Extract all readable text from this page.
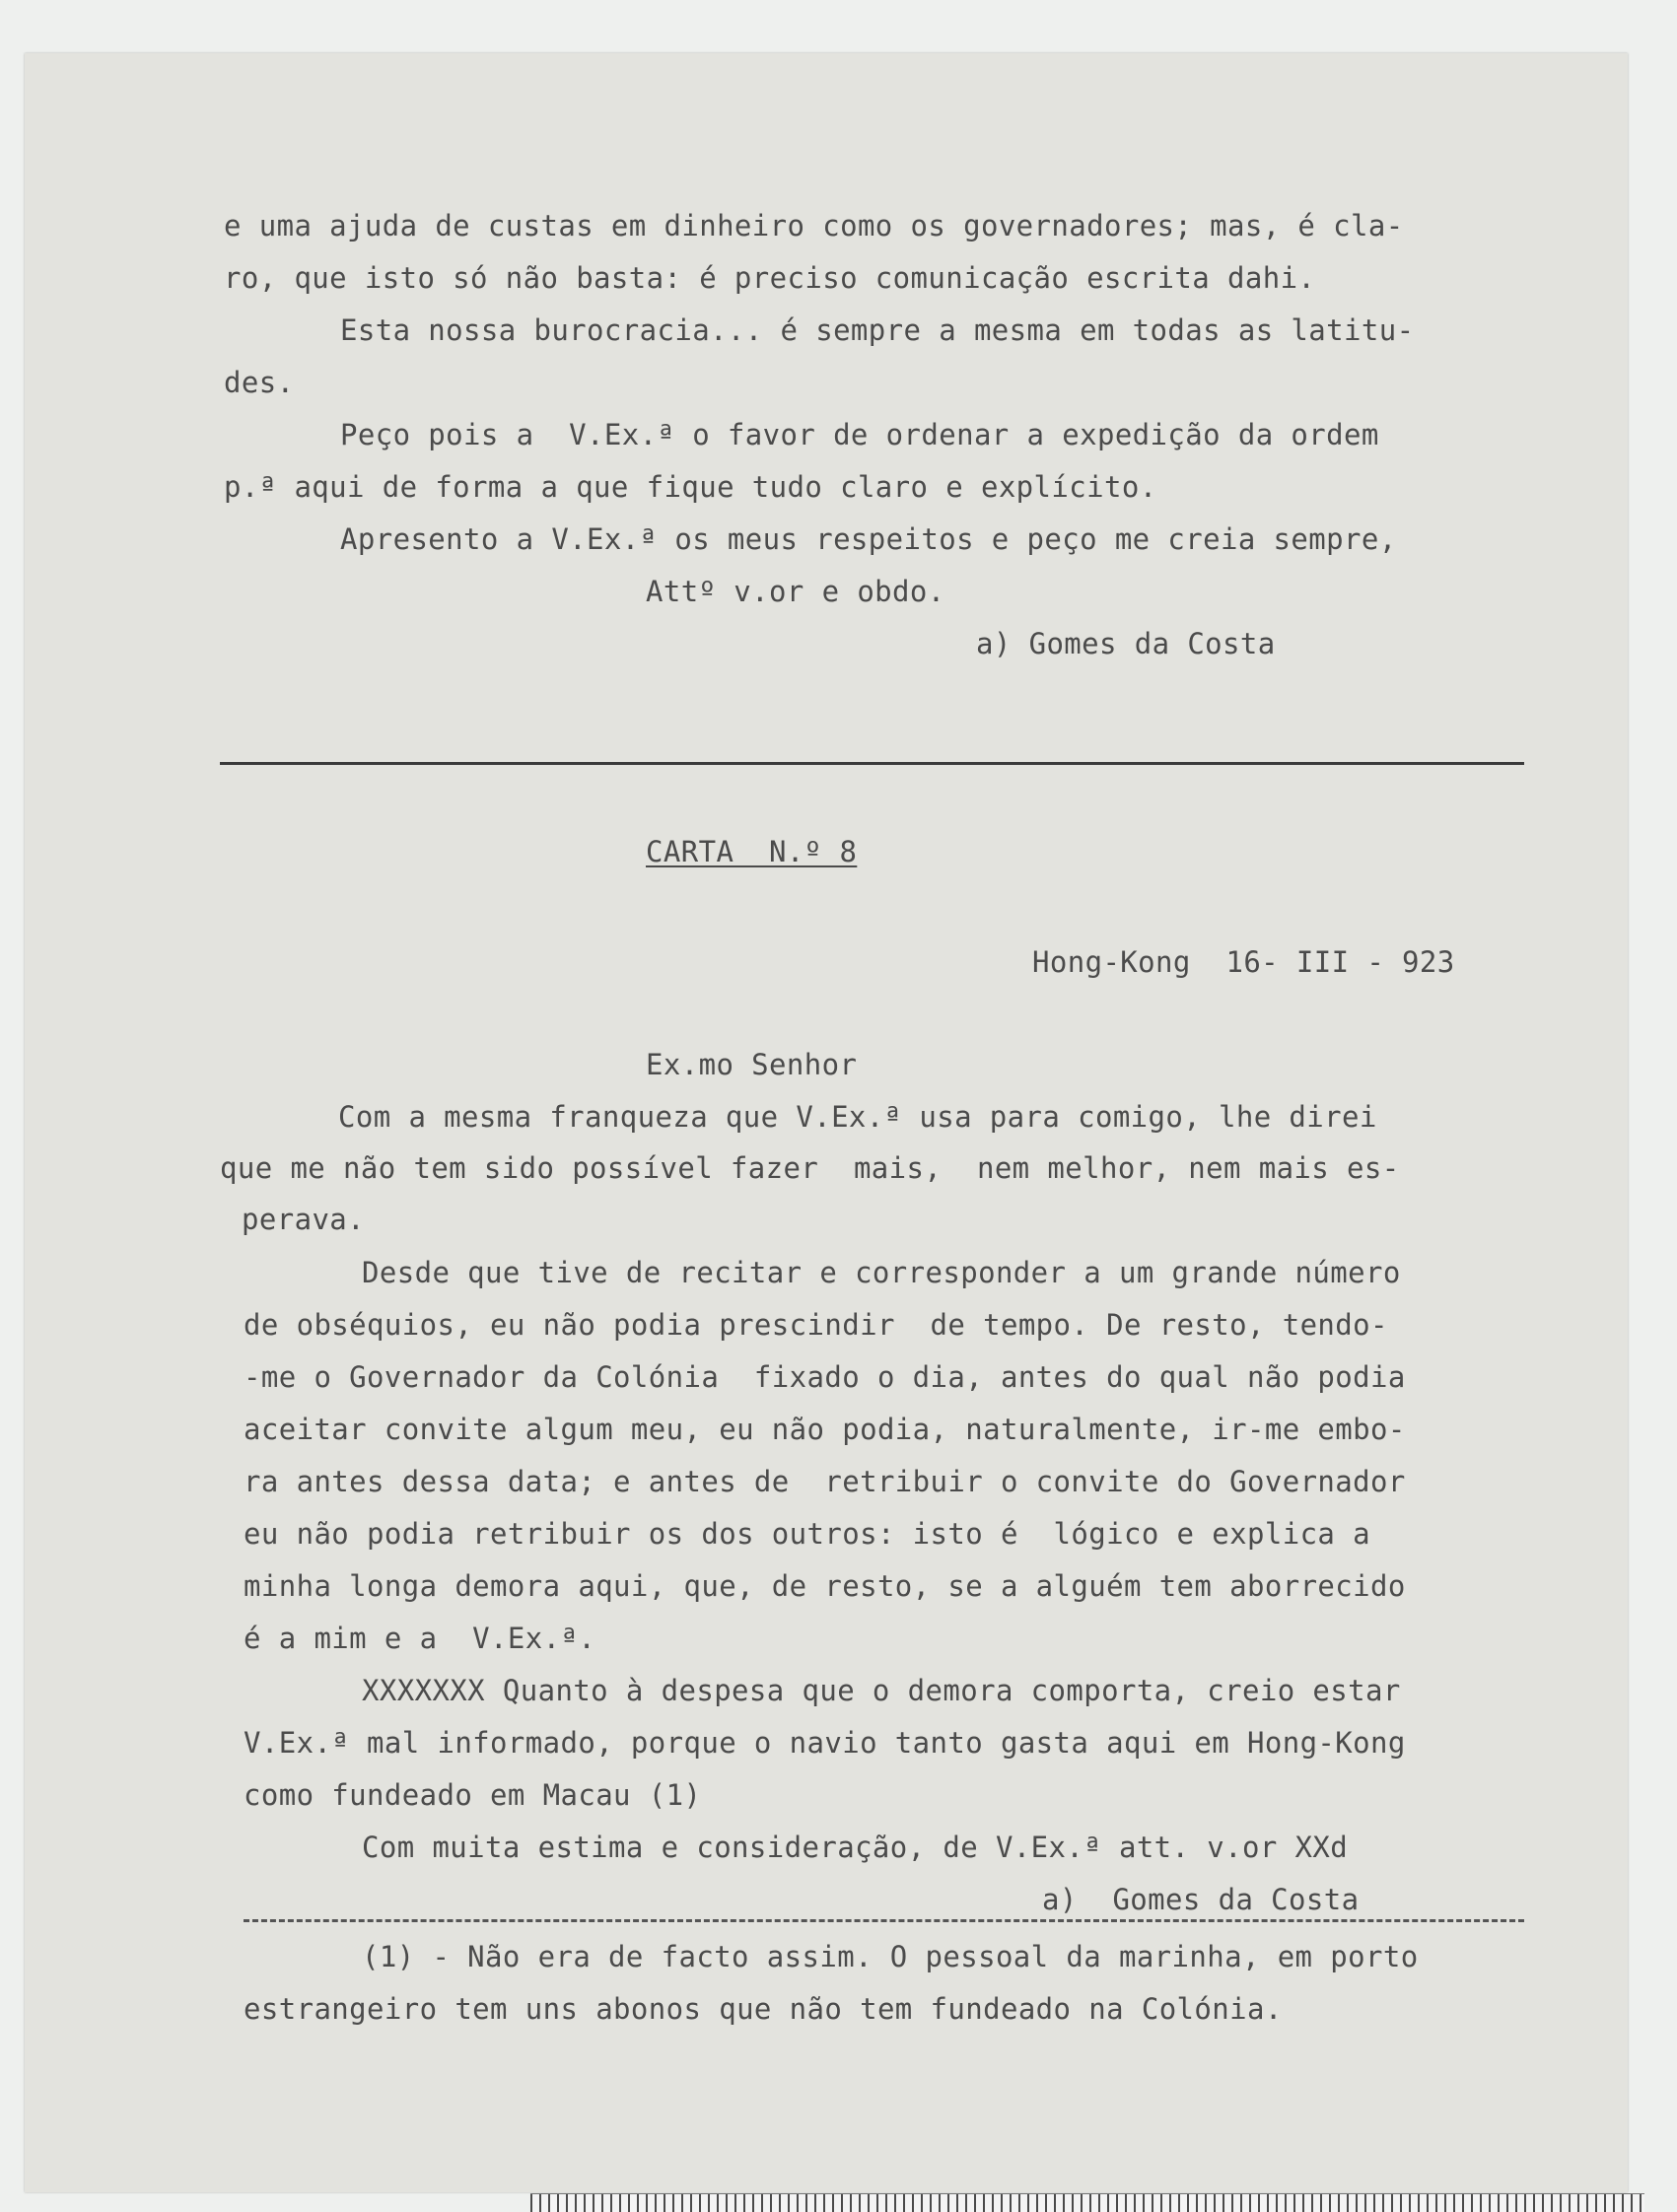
e uma ajuda de custas em dinheiro como os governadores; mas, é cla-

ro, que isto só não basta: é preciso comunicação escrita dahi.

Esta nossa burocracia... é sempre a mesma em todas as latitu-

des.

Peço pois a  V.Ex.ª o favor de ordenar a expedição da ordem

p.ª aqui de forma a que fique tudo claro e explícito.

Apresento a V.Ex.ª os meus respeitos e peço me creia sempre,

Attº v.or e obdo.

a) Gomes da Costa

CARTA  N.º 8

Hong-Kong  16- III - 923

Ex.mo Senhor

Com a mesma franqueza que V.Ex.ª usa para comigo, lhe direi

que me não tem sido possível fazer  mais,  nem melhor, nem mais es-

perava.

Desde que tive de recitar e corresponder a um grande número

de obséquios, eu não podia prescindir  de tempo. De resto, tendo-

-me o Governador da Colónia  fixado o dia, antes do qual não podia

aceitar convite algum meu, eu não podia, naturalmente, ir-me embo-

ra antes dessa data; e antes de  retribuir o convite do Governador

eu não podia retribuir os dos outros: isto é  lógico e explica a

minha longa demora aqui, que, de resto, se a alguém tem aborrecido

é a mim e a  V.Ex.ª.

XXXXXXX Quanto à despesa que o demora comporta, creio estar

V.Ex.ª mal informado, porque o navio tanto gasta aqui em Hong-Kong

como fundeado em Macau (1)

Com muita estima e consideração, de V.Ex.ª att. v.or XXd

a)  Gomes da Costa

(1) - Não era de facto assim. O pessoal da marinha, em porto

estrangeiro tem uns abonos que não tem fundeado na Colónia.
